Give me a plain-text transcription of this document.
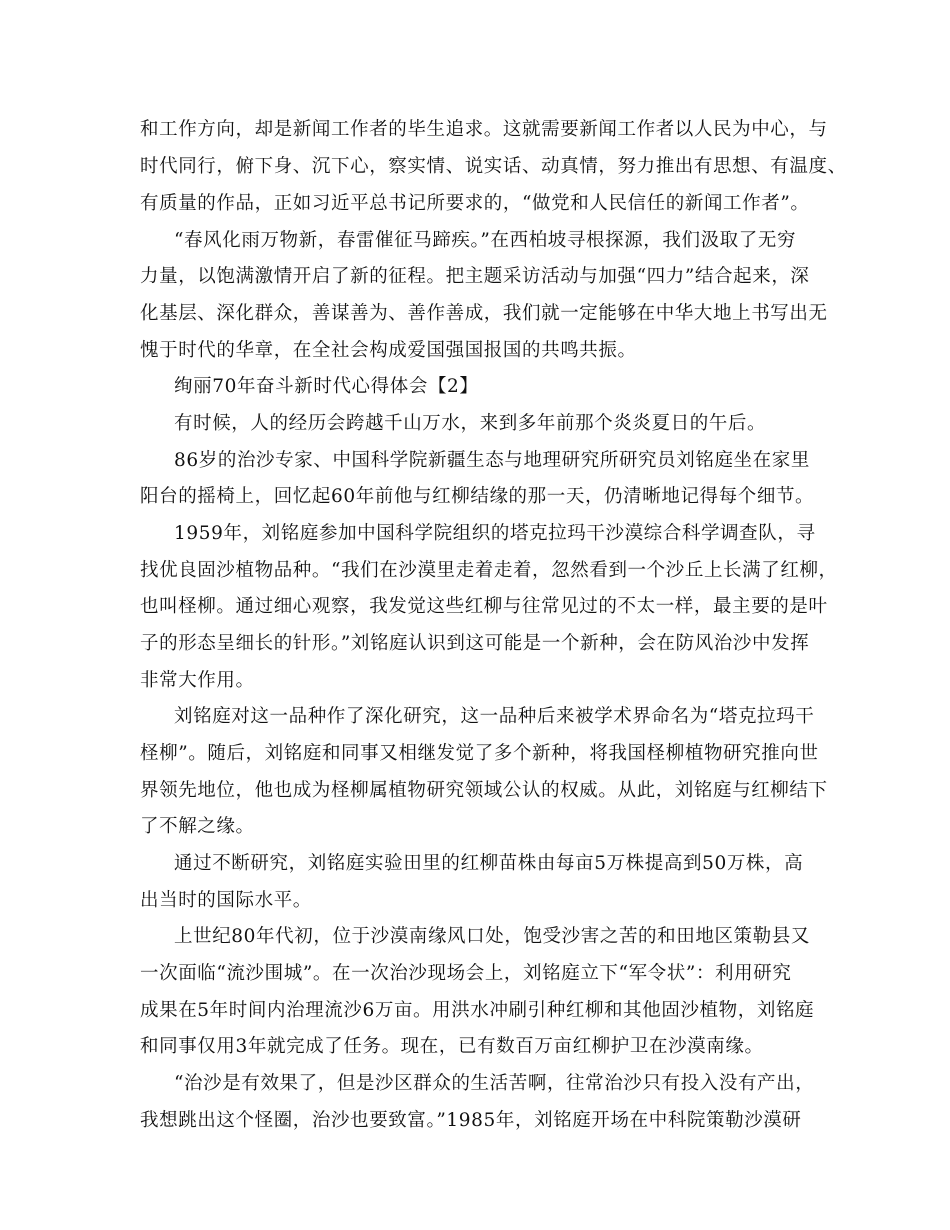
和工作方向，却是新闻工作者的毕生追求。这就需要新闻工作者以人民为中心，与
时代同行，俯下身、沉下心，察实情、说实话、动真情，努力推出有思想、有温度、
有质量的作品，正如习近平总书记所要求的，“做党和人民信任的新闻工作者”。
“春风化雨万物新，春雷催征马蹄疾。”在西柏坡寻根探源，我们汲取了无穷
力量，以饱满激情开启了新的征程。把主题采访活动与加强“四力”结合起来，深
化基层、深化群众，善谋善为、善作善成，我们就一定能够在中华大地上书写出无
愧于时代的华章，在全社会构成爱国强国报国的共鸣共振。
绚丽70年奋斗新时代心得体会【2】
有时候，人的经历会跨越千山万水，来到多年前那个炎炎夏日的午后。
86岁的治沙专家、中国科学院新疆生态与地理研究所研究员刘铭庭坐在家里
阳台的摇椅上，回忆起60年前他与红柳结缘的那一天，仍清晰地记得每个细节。
1959年，刘铭庭参加中国科学院组织的塔克拉玛干沙漠综合科学调查队，寻
找优良固沙植物品种。“我们在沙漠里走着走着，忽然看到一个沙丘上长满了红柳，
也叫柽柳。通过细心观察，我发觉这些红柳与往常见过的不太一样，最主要的是叶
子的形态呈细长的针形。”刘铭庭认识到这可能是一个新种，会在防风治沙中发挥
非常大作用。
刘铭庭对这一品种作了深化研究，这一品种后来被学术界命名为“塔克拉玛干
柽柳”。随后，刘铭庭和同事又相继发觉了多个新种，将我国柽柳植物研究推向世
界领先地位，他也成为柽柳属植物研究领域公认的权威。从此，刘铭庭与红柳结下
了不解之缘。
通过不断研究，刘铭庭实验田里的红柳苗株由每亩5万株提高到50万株，高
出当时的国际水平。
上世纪80年代初，位于沙漠南缘风口处，饱受沙害之苦的和田地区策勒县又
一次面临“流沙围城”。在一次治沙现场会上，刘铭庭立下“军令状”：利用研究
成果在5年时间内治理流沙6万亩。用洪水冲刷引种红柳和其他固沙植物，刘铭庭
和同事仅用3年就完成了任务。现在，已有数百万亩红柳护卫在沙漠南缘。
“治沙是有效果了，但是沙区群众的生活苦啊，往常治沙只有投入没有产出，
我想跳出这个怪圈，治沙也要致富。”1985年，刘铭庭开场在中科院策勒沙漠研
